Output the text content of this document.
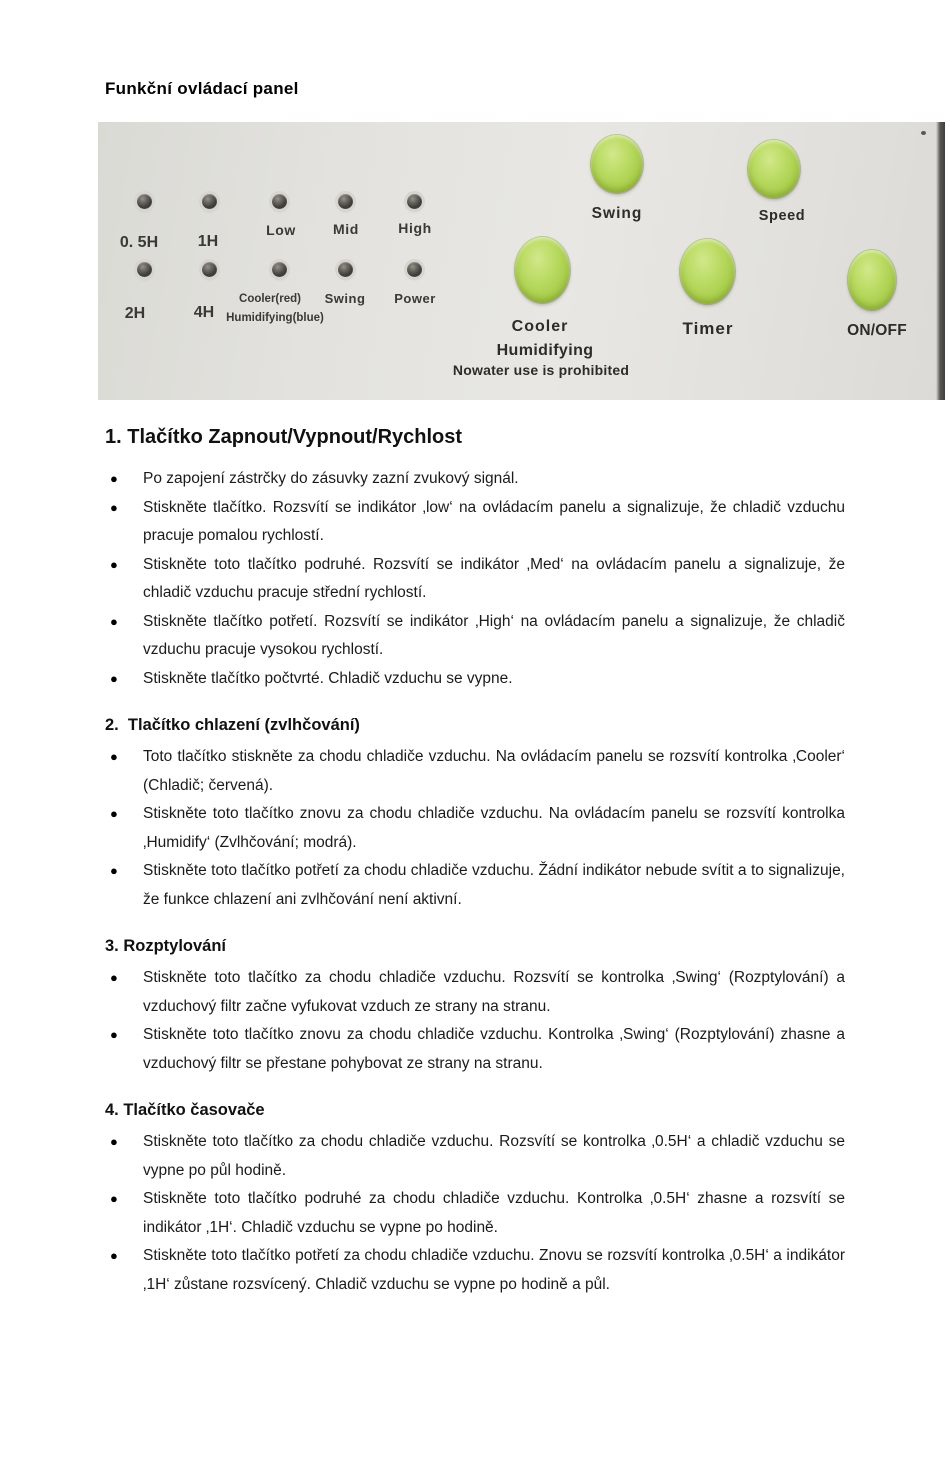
Funkční ovládací panel
0. 5H 1H
Low	Mid	High
2H	4H
Cooler(red)
Humidifying(blue)
Swing Power
Swing	Speed
Cooler
Humidifying
Nowater use is prohibited
Timer	ON/OFF
1. Tlačítko Zapnout/Vypnout/Rychlost
● Po zapojení zástrčky do zásuvky zazní zvukový signál.
● Stiskněte tlačítko. Rozsvítí se indikátor ‚low‘ na ovládacím panelu a signalizuje, že chladič vzduchu pracuje pomalou rychlostí.
● Stiskněte toto tlačítko podruhé. Rozsvítí se indikátor ‚Med‘ na ovládacím panelu a signalizuje, že chladič vzduchu pracuje střední rychlostí.
● Stiskněte tlačítko potřetí. Rozsvítí se indikátor ‚High‘ na ovládacím panelu a signalizuje, že chladič vzduchu pracuje vysokou rychlostí.
● Stiskněte tlačítko počtvrté. Chladič vzduchu se vypne.
2.  Tlačítko chlazení (zvlhčování)
● Toto tlačítko stiskněte za chodu chladiče vzduchu. Na ovládacím panelu se rozsvítí kontrolka ‚Cooler‘ (Chladič; červená).
● Stiskněte toto tlačítko znovu za chodu chladiče vzduchu. Na ovládacím panelu se rozsvítí kontrolka ‚Humidify‘ (Zvlhčování; modrá).
● Stiskněte toto tlačítko potřetí za chodu chladiče vzduchu. Žádní indikátor nebude svítit a to signalizuje, že funkce chlazení ani zvlhčování není aktivní.
3. Rozptylování
● Stiskněte toto tlačítko za chodu chladiče vzduchu. Rozsvítí se kontrolka ‚Swing‘ (Rozptylování) a vzduchový filtr začne vyfukovat vzduch ze strany na stranu.
● Stiskněte toto tlačítko znovu za chodu chladiče vzduchu. Kontrolka ‚Swing‘ (Rozptylování) zhasne a vzduchový filtr se přestane pohybovat ze strany na stranu.
4. Tlačítko časovače
● Stiskněte toto tlačítko za chodu chladiče vzduchu. Rozsvítí se kontrolka ‚0.5H‘ a chladič vzduchu se vypne po půl hodině.
● Stiskněte toto tlačítko podruhé za chodu chladiče vzduchu. Kontrolka ‚0.5H‘ zhasne a rozsvítí se indikátor ‚1H‘. Chladič vzduchu se vypne po hodině.
● Stiskněte toto tlačítko potřetí za chodu chladiče vzduchu. Znovu se rozsvítí kontrolka ‚0.5H‘ a indikátor ‚1H‘ zůstane rozsvícený. Chladič vzduchu se vypne po hodině a půl.
